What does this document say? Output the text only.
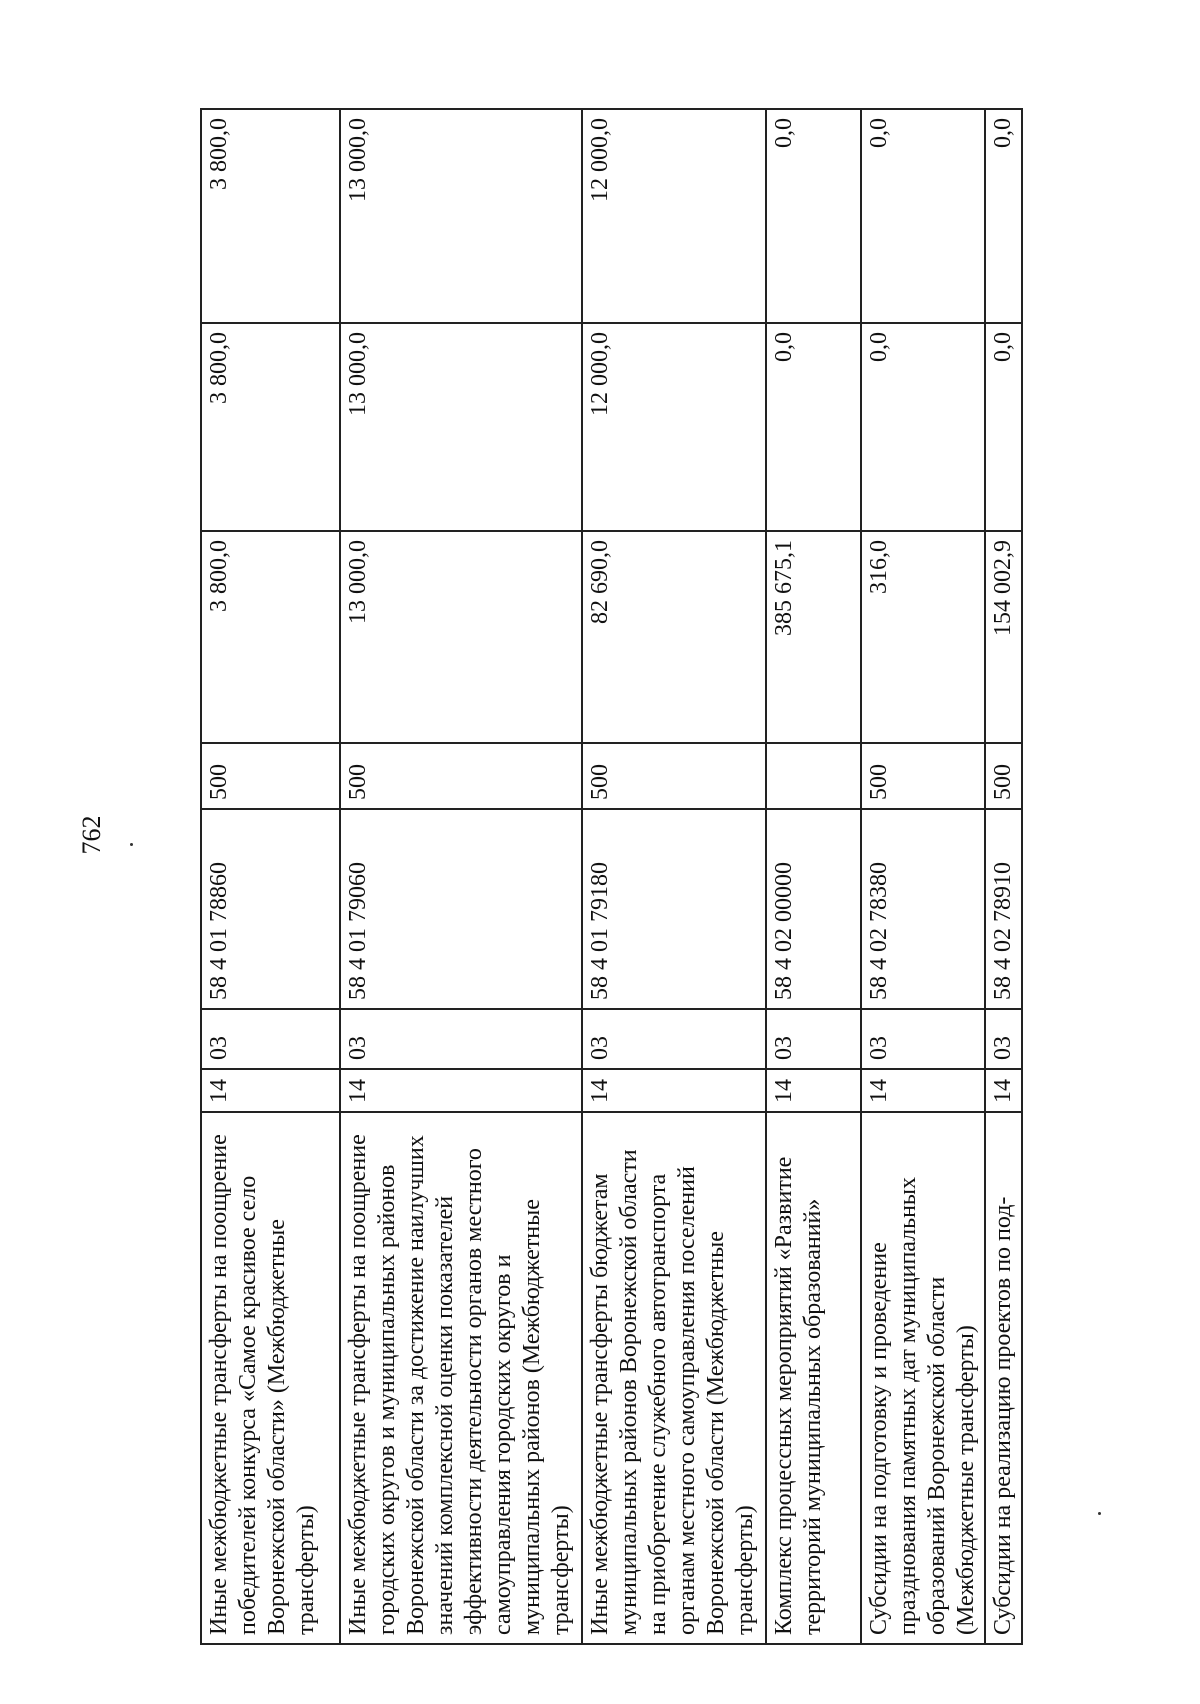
762
Иные межбюджетные трансферты на поощрение победителей конкурса «Самое красивое село Воронежской области» (Межбюджетные трансферты)	14	03	58 4 01 78860	500	3 800,0	3 800,0	3 800,0
Иные межбюджетные трансферты на поощрение городских округов и муниципальных районов Воронежской области за достижение наилучших значений комплексной оценки показателей эффективности деятельности органов местного самоуправления городских округов и муниципальных районов (Межбюджетные трансферты)	14	03	58 4 01 79060	500	13 000,0	13 000,0	13 000,0
Иные межбюджетные трансферты бюджетам муниципальных районов Воронежской области на приобретение служебного автотранспорта органам местного самоуправления поселений Воронежской области (Межбюджетные трансферты)	14	03	58 4 01 79180	500	82 690,0	12 000,0	12 000,0
Комплекс процессных мероприятий «Развитие территорий муниципальных образований»	14	03	58 4 02 00000		385 675,1	0,0	0,0
Субсидии на подготовку и проведение празднования памятных дат муниципальных образований Воронежской области (Межбюджетные трансферты)	14	03	58 4 02 78380	500	316,0	0,0	0,0
Субсидии на реализацию проектов по под-	14	03	58 4 02 78910	500	154 002,9	0,0	0,0
